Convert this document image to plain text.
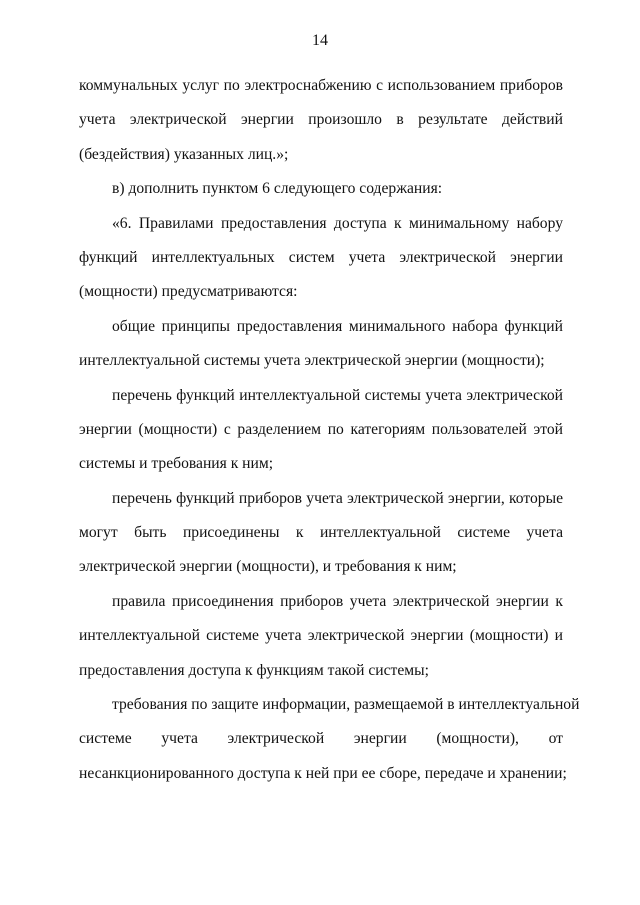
14
коммунальных услуг по электроснабжению с использованием приборов
учета электрической энергии произошло в результате действий
(бездействия) указанных лиц.»;
в) дополнить пунктом 6 следующего содержания:
«6. Правилами предоставления доступа к минимальному набору
функций интеллектуальных систем учета электрической энергии
(мощности) предусматриваются:
общие принципы предоставления минимального набора функций
интеллектуальной системы учета электрической энергии (мощности);
перечень функций интеллектуальной системы учета электрической
энергии (мощности) с разделением по категориям пользователей этой
системы и требования к ним;
перечень функций приборов учета электрической энергии, которые
могут быть присоединены к интеллектуальной системе учета
электрической энергии (мощности), и требования к ним;
правила присоединения приборов учета электрической энергии к
интеллектуальной системе учета электрической энергии (мощности) и
предоставления доступа к функциям такой системы;
требования по защите информации, размещаемой в интеллектуальной
системе учета электрической энергии (мощности), от
несанкционированного доступа к ней при ее сборе, передаче и хранении;
